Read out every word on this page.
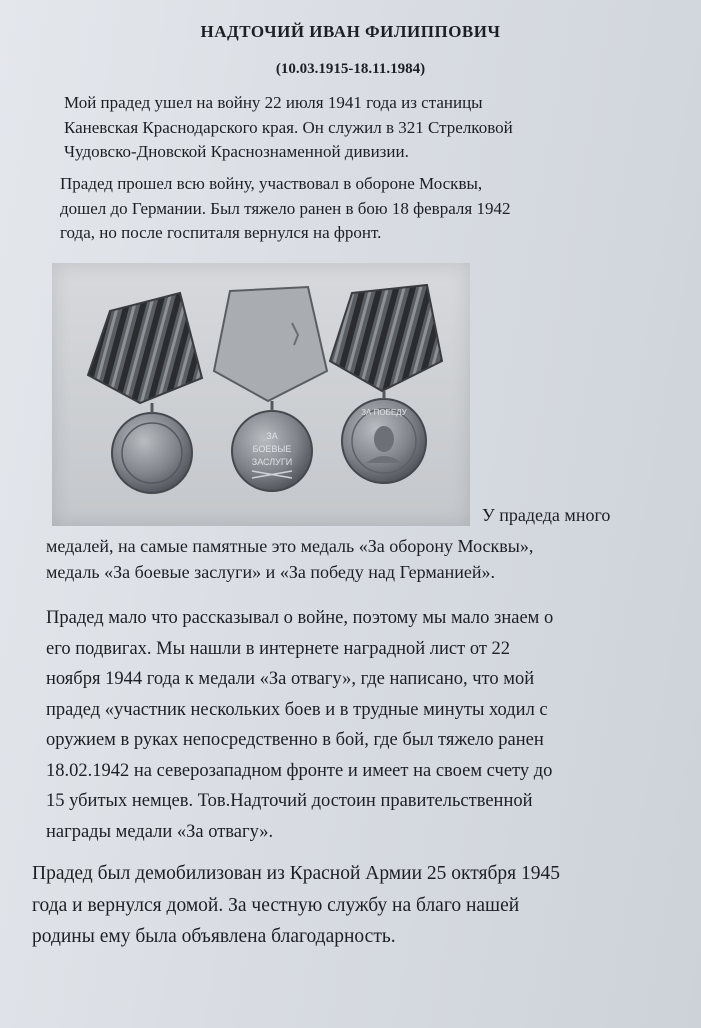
НАДТОЧИЙ ИВАН ФИЛИППОВИЧ
(10.03.1915-18.11.1984)
Мой прадед ушел на войну 22 июля 1941 года из станицы
Каневская Краснодарского края. Он служил в 321 Стрелковой
Чудовско-Дновской Краснознаменной дивизии.
Прадед прошел всю войну, участвовал в обороне Москвы,
дошел до Германии. Был тяжело ранен в бою 18 февраля 1942
года, но после госпиталя вернулся на фронт.
ЗА
БОЕВЫЕ
ЗАСЛУГИ
ЗА ПОБЕДУ
У прадеда много
медалей, на самые памятные это медаль «За оборону Москвы»,
медаль «За боевые заслуги» и «За победу над Германией».
Прадед мало что рассказывал о войне, поэтому мы мало знаем о
его подвигах. Мы нашли в интернете наградной лист от 22
ноября 1944 года к медали «За отвагу», где написано, что мой
прадед «участник нескольких боев и в трудные минуты ходил с
оружием в руках непосредственно в бой, где был тяжело ранен
18.02.1942 на северозападном фронте и имеет на своем счету до
15 убитых немцев. Тов.Надточий достоин правительственной
награды медали «За отвагу».
Прадед был демобилизован из Красной Армии 25 октября 1945
года и вернулся домой. За честную службу на благо нашей
родины ему была объявлена благодарность.
